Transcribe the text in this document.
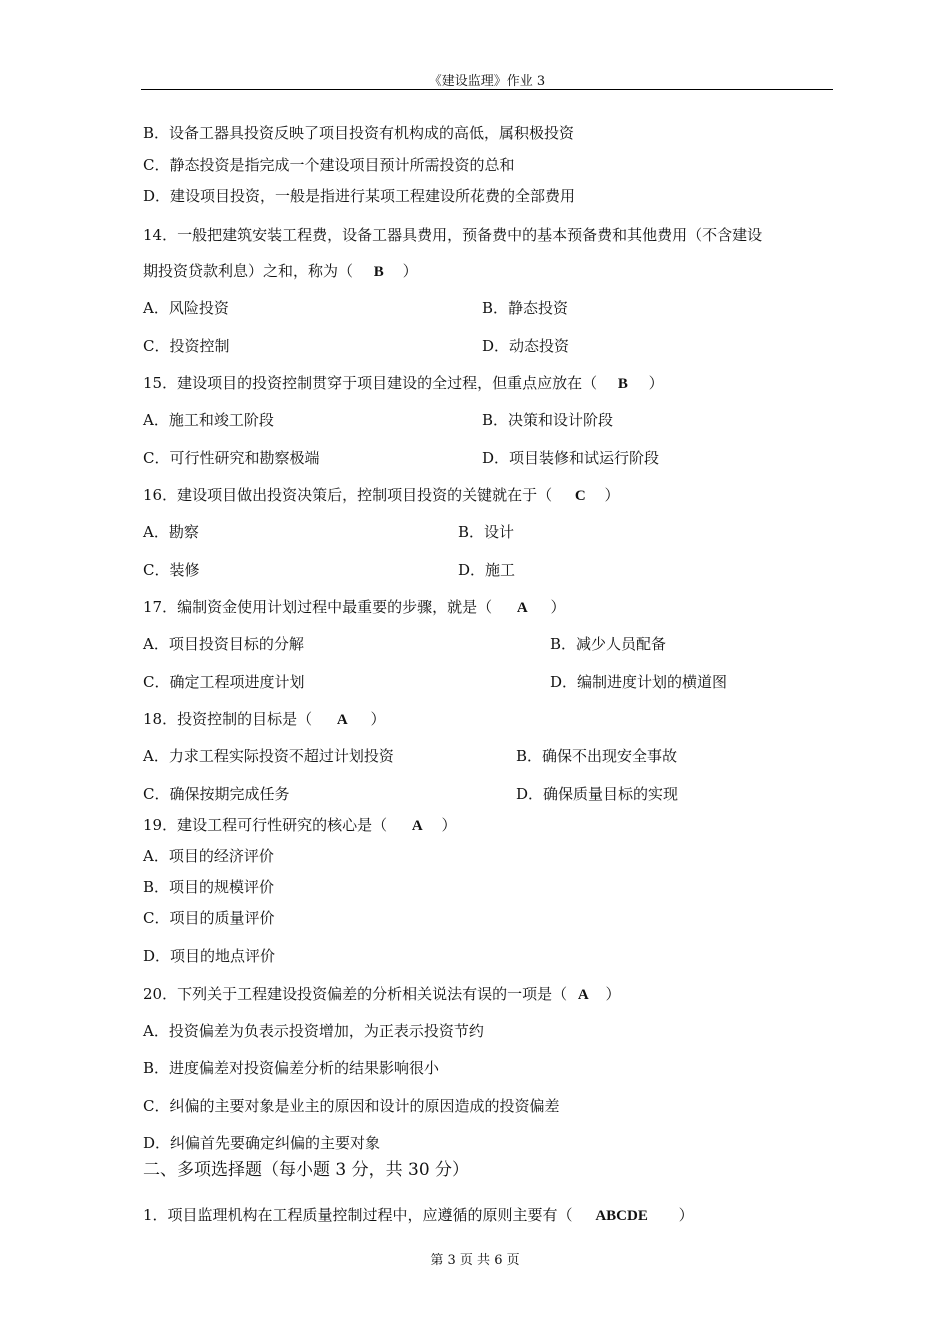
《建设监理》作业 3
B．设备工器具投资反映了项目投资有机构成的高低，属积极投资
C．静态投资是指完成一个建设项目预计所需投资的总和
D．建设项目投资，一般是指进行某项工程建设所花费的全部费用
14．一般把建筑安装工程费，设备工器具费用，预备费中的基本预备费和其他费用（不含建设
期投资贷款利息）之和，称为（ B ）
A．风险投资	B．静态投资
C．投资控制	D．动态投资
15．建设项目的投资控制贯穿于项目建设的全过程，但重点应放在（ B ）
A．施工和竣工阶段	B．决策和设计阶段
C．可行性研究和勘察极端	D．项目装修和试运行阶段
16．建设项目做出投资决策后，控制项目投资的关键就在于（ C ）
A．勘察	B．设计
C．装修	D．施工
17．编制资金使用计划过程中最重要的步骤，就是（ A ）
A．项目投资目标的分解	B．减少人员配备
C．确定工程项进度计划	D．编制进度计划的横道图
18．投资控制的目标是（ A ）
A．力求工程实际投资不超过计划投资	B．确保不出现安全事故
C．确保按期完成任务	D．确保质量目标的实现
19．建设工程可行性研究的核心是（ A ）
A．项目的经济评价
B．项目的规模评价
C．项目的质量评价
D．项目的地点评价
20．下列关于工程建设投资偏差的分析相关说法有误的一项是（ A ）
A．投资偏差为负表示投资增加，为正表示投资节约
B．进度偏差对投资偏差分析的结果影响很小
C．纠偏的主要对象是业主的原因和设计的原因造成的投资偏差
D．纠偏首先要确定纠偏的主要对象
二、多项选择题（每小题 3 分，共 30 分）
1．项目监理机构在工程质量控制过程中，应遵循的原则主要有（ ABCDE ）
第 3 页 共 6 页
